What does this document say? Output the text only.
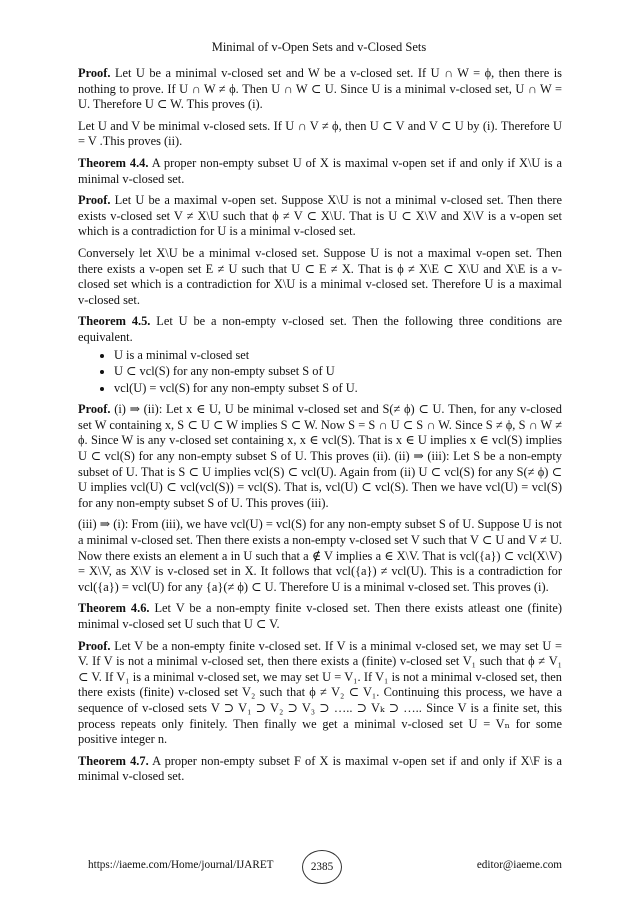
Minimal of v-Open Sets and v-Closed Sets

Proof. Let U be a minimal v-closed set and W be a v-closed set. If U ∩ W = ϕ, then there is nothing to prove. If U ∩ W ≠ ϕ. Then U ∩ W ⊂ U. Since U is a minimal v-closed set, U ∩ W = U. Therefore U ⊂ W. This proves (i).

Let U and V be minimal v-closed sets. If U ∩ V ≠ ϕ, then U ⊂ V and V ⊂ U by (i). Therefore U = V .This proves (ii).

Theorem 4.4. A proper non-empty subset U of X is maximal v-open set if and only if X\U is a minimal v-closed set.

Proof. Let U be a maximal v-open set. Suppose X\U is not a minimal v-closed set. Then there exists v-closed set V ≠ X\U such that ϕ ≠ V ⊂ X\U. That is U ⊂ X\V and X\V is a v-open set which is a contradiction for U is a minimal v-closed set.

Conversely let X\U be a minimal v-closed set. Suppose U is not a maximal v-open set. Then there exists a v-open set E ≠ U such that U ⊂ E ≠ X. That is ϕ ≠ X\E ⊂ X\U and X\E is a v-closed set which is a contradiction for X\U is a minimal v-closed set. Therefore U is a maximal v-closed set.

Theorem 4.5. Let U be a non-empty v-closed set. Then the following three conditions are equivalent.

• U is a minimal v-closed set
• U ⊂ vcl(S) for any non-empty subset S of U
• vcl(U) = vcl(S) for any non-empty subset S of U.

Proof. (i) ⇒ (ii): Let x ∈ U, U be minimal v-closed set and S(≠ ϕ) ⊂ U. Then, for any v-closed set W containing x, S ⊂ U ⊂ W implies S ⊂ W. Now S = S ∩ U ⊂ S ∩ W. Since S ≠ ϕ, S ∩ W ≠ ϕ. Since W is any v-closed set containing x, x ∈ vcl(S). That is x ∈ U implies x ∈ vcl(S) implies U ⊂ vcl(S) for any non-empty subset S of U. This proves (ii). (ii) ⇒ (iii): Let S be a non-empty subset of U. That is S ⊂ U implies vcl(S) ⊂ vcl(U). Again from (ii) U ⊂ vcl(S) for any S(≠ ϕ) ⊂ U implies vcl(U) ⊂ vcl(vcl(S)) = vcl(S). That is, vcl(U) ⊂ vcl(S). Then we have vcl(U) = vcl(S) for any non-empty subset S of U. This proves (iii).

(iii) ⇒ (i): From (iii), we have vcl(U) = vcl(S) for any non-empty subset S of U. Suppose U is not a minimal v-closed set. Then there exists a non-empty v-closed set V such that V ⊂ U and V ≠ U. Now there exists an element a in U such that a ∉ V implies a ∈ X\V. That is vcl({a}) ⊂ vcl(X\V) = X\V, as X\V is v-closed set in X. It follows that vcl({a}) ≠ vcl(U). This is a contradiction for vcl({a}) = vcl(U) for any {a}(≠ ϕ) ⊂ U. Therefore U is a minimal v-closed set. This proves (i).

Theorem 4.6. Let V be a non-empty finite v-closed set. Then there exists atleast one (finite) minimal v-closed set U such that U ⊂ V.

Proof. Let V be a non-empty finite v-closed set. If V is a minimal v-closed set, we may set U = V. If V is not a minimal v-closed set, then there exists a (finite) v-closed set V₁ such that ϕ ≠ V₁ ⊂ V. If V₁ is a minimal v-closed set, we may set U = V₁. If V₁ is not a minimal v-closed set, then there exists (finite) v-closed set V₂ such that ϕ ≠ V₂ ⊂ V₁. Continuing this process, we have a sequence of v-closed sets V ⊃ V₁ ⊃ V₂ ⊃ V₃ ⊃ ….. ⊃ Vₖ ⊃ ….. Since V is a finite set, this process repeats only finitely. Then finally we get a minimal v-closed set U = Vₙ for some positive integer n.

Theorem 4.7. A proper non-empty subset F of X is maximal v-open set if and only if X\F is a minimal v-closed set.

https://iaeme.com/Home/journal/IJARET	2385	editor@iaeme.com
